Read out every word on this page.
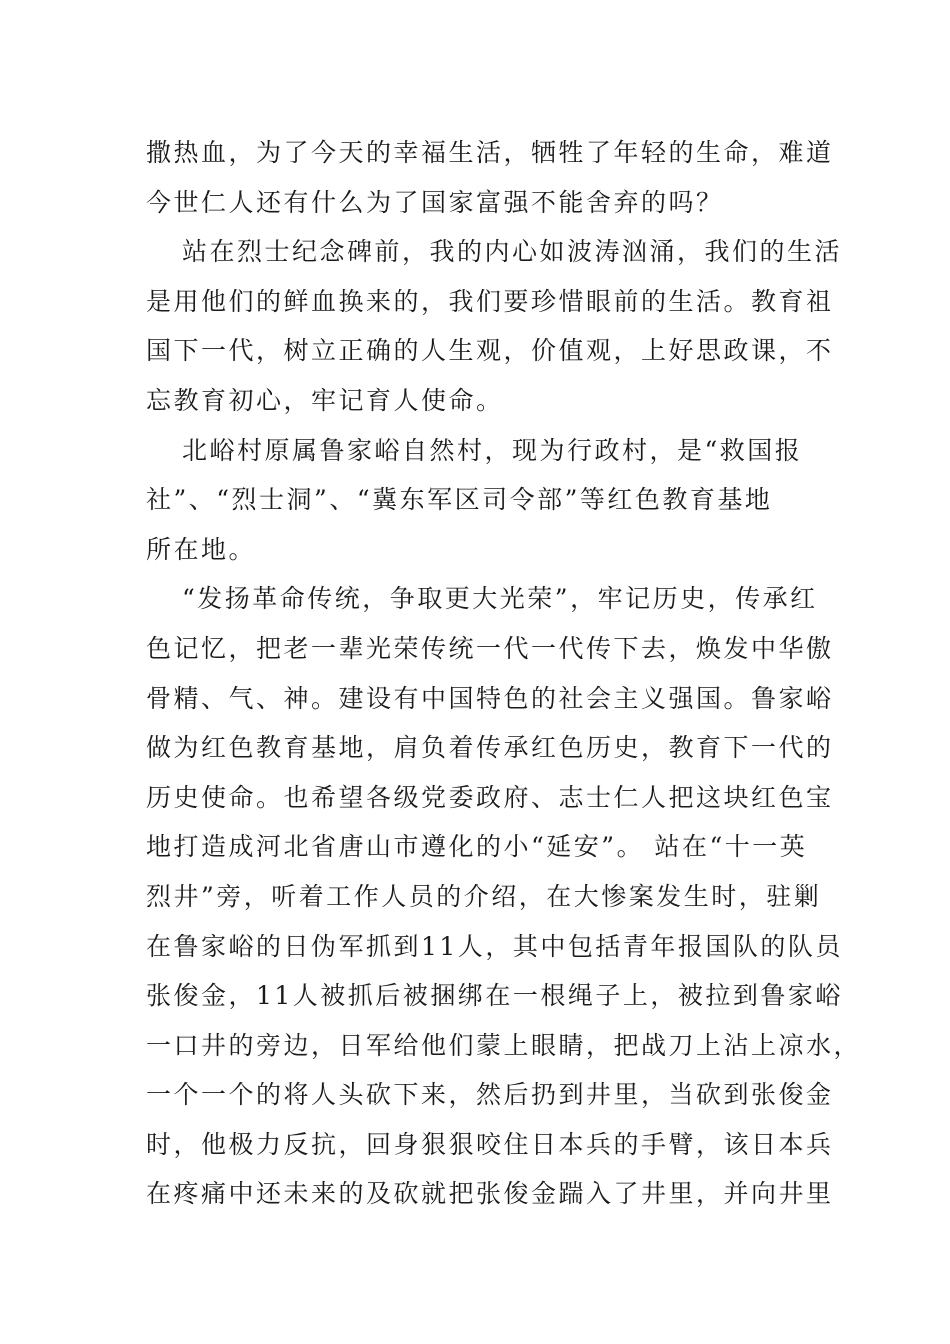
撒热血，为了今天的幸福生活，牺牲了年轻的生命，难道
今世仁人还有什么为了国家富强不能舍弃的吗？
站在烈士纪念碑前，我的内心如波涛汹涌，我们的生活
是用他们的鲜血换来的，我们要珍惜眼前的生活。教育祖
国下一代，树立正确的人生观，价值观，上好思政课，不
忘教育初心，牢记育人使命。
北峪村原属鲁家峪自然村，现为行政村，是“救国报
社”、“烈士洞”、“冀东军区司令部”等红色教育基地
所在地。
“发扬革命传统，争取更大光荣”，牢记历史，传承红
色记忆，把老一辈光荣传统一代一代传下去，焕发中华傲
骨精、气、神。建设有中国特色的社会主义强国。鲁家峪
做为红色教育基地，肩负着传承红色历史，教育下一代的
历史使命。也希望各级党委政府、志士仁人把这块红色宝
地打造成河北省唐山市遵化的小“延安”。 站在“十一英
烈井”旁，听着工作人员的介绍，在大惨案发生时，驻剿
在鲁家峪的日伪军抓到11人，其中包括青年报国队的队员
张俊金，11人被抓后被捆绑在一根绳子上，被拉到鲁家峪
一口井的旁边，日军给他们蒙上眼睛，把战刀上沾上凉水，
一个一个的将人头砍下来，然后扔到井里，当砍到张俊金
时，他极力反抗，回身狠狠咬住日本兵的手臂，该日本兵
在疼痛中还未来的及砍就把张俊金踹入了井里，并向井里
